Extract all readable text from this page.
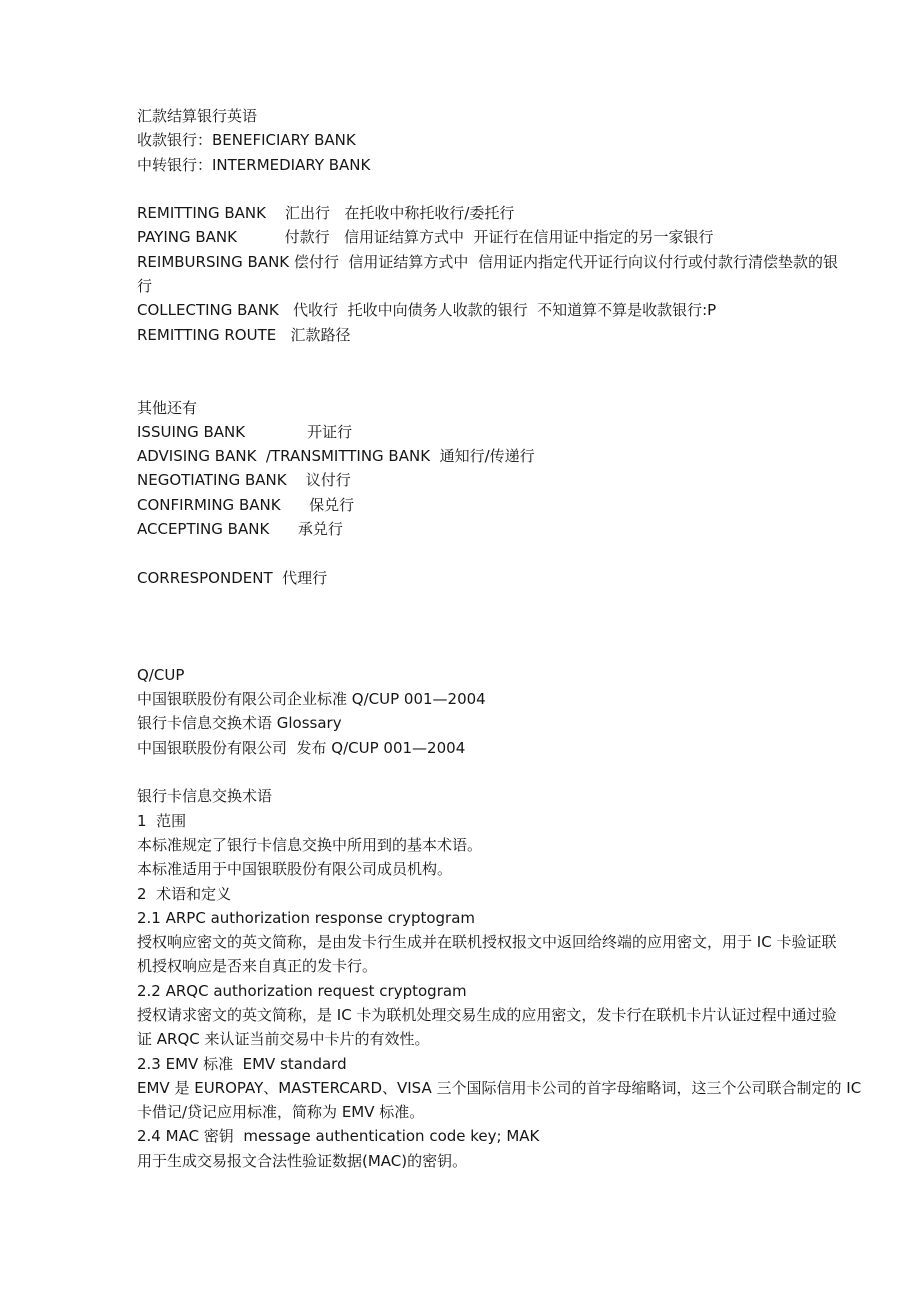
汇款结算银行英语
收款银行：BENEFICIARY BANK
中转银行：INTERMEDIARY BANK
REMITTING BANK    汇出行   在托收中称托收行/委托行
PAYING BANK          付款行   信用证结算方式中  开证行在信用证中指定的另一家银行
REIMBURSING BANK 偿付行  信用证结算方式中  信用证内指定代开证行向议付行或付款行清偿垫款的银
行
COLLECTING BANK   代收行  托收中向债务人收款的银行  不知道算不算是收款银行:P
REMITTING ROUTE   汇款路径
其他还有
ISSUING BANK             开证行
ADVISING BANK  /TRANSMITTING BANK  通知行/传递行
NEGOTIATING BANK    议付行
CONFIRMING BANK      保兑行
ACCEPTING BANK      承兑行
CORRESPONDENT  代理行
Q/CUP
中国银联股份有限公司企业标准 Q/CUP 001—2004
银行卡信息交换术语 Glossary
中国银联股份有限公司  发布 Q/CUP 001—2004
银行卡信息交换术语
1  范围
本标准规定了银行卡信息交换中所用到的基本术语。
本标准适用于中国银联股份有限公司成员机构。
2  术语和定义
2.1 ARPC authorization response cryptogram
授权响应密文的英文简称，是由发卡行生成并在联机授权报文中返回给终端的应用密文，用于 IC 卡验证联
机授权响应是否来自真正的发卡行。
2.2 ARQC authorization request cryptogram
授权请求密文的英文简称，是 IC 卡为联机处理交易生成的应用密文，发卡行在联机卡片认证过程中通过验
证 ARQC 来认证当前交易中卡片的有效性。
2.3 EMV 标准  EMV standard
EMV 是 EUROPAY、MASTERCARD、VISA 三个国际信用卡公司的首字母缩略词，这三个公司联合制定的 IC
卡借记/贷记应用标准，简称为 EMV 标准。
2.4 MAC 密钥  message authentication code key; MAK
用于生成交易报文合法性验证数据(MAC)的密钥。
